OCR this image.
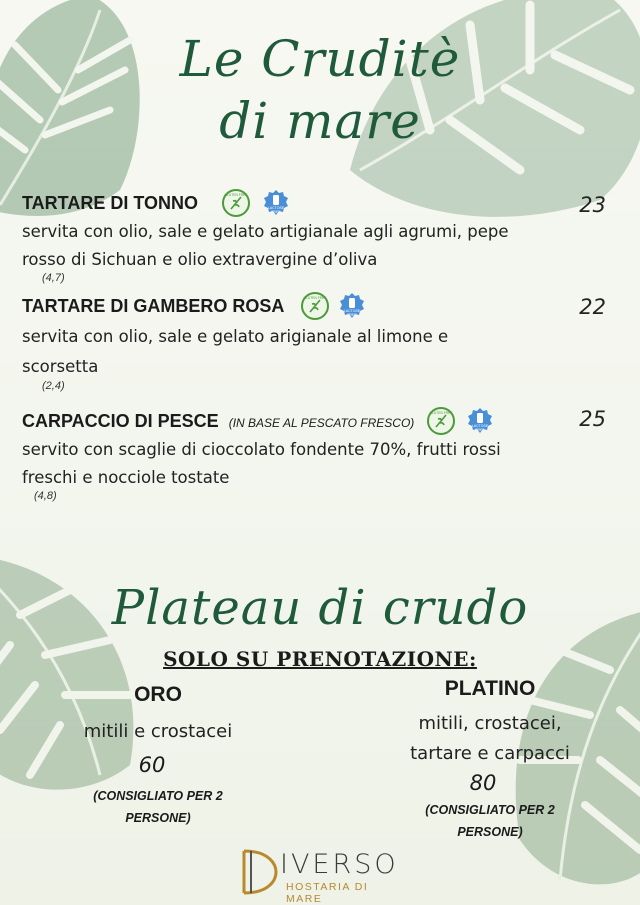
Le Cruditè
di mare
TARTARE DI TONNO	GLUTEN FREE
LACTOSE
FREE	23
servita con olio, sale e gelato artigianale agli agrumi, pepe
rosso di Sichuan e olio extravergine d’oliva
(4,7)
TARTARE DI GAMBERO ROSA	GLUTEN FREE
LACTOSE
FREE	22
servita con olio, sale e gelato arigianale al limone e
scorsetta
(2,4)
CARPACCIO DI PESCE (IN BASE AL PESCATO FRESCO)
GLUTEN FREE
LACTOSE
FREE	25
servito con scaglie di cioccolato fondente 70%, frutti rossi
freschi e nocciole tostate
(4,8)
Plateau di crudo
SOLO SU PRENOTAZIONE:
ORO
mitili e crostacei
60
(CONSIGLIATO PER 2
PERSONE)
PLATINO
mitili, crostacei,
tartare e carpacci
80
(CONSIGLIATO PER 2
PERSONE)
IVERSO
HOSTARIA DI MARE
